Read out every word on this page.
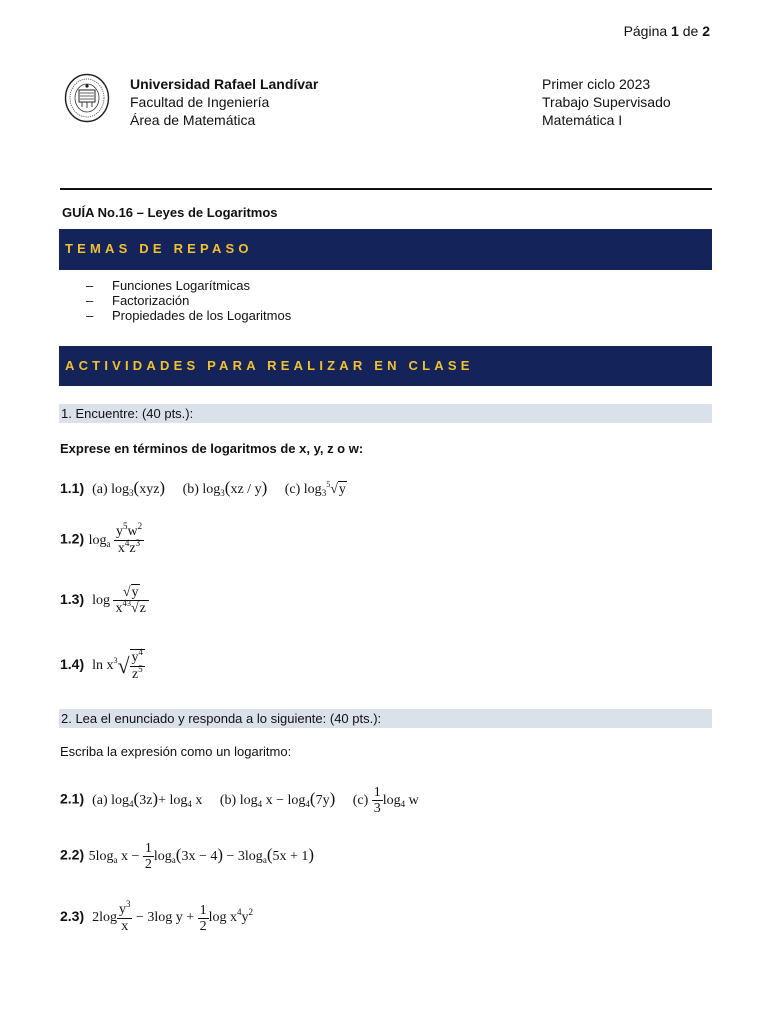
Página 1 de 2
Universidad Rafael Landívar
Facultad de Ingeniería
Área de Matemática
Primer ciclo 2023
Trabajo Supervisado
Matemática I
GUÍA No.16 – Leyes de Logaritmos
TEMAS DE REPASO
– Funciones Logarítmicas
– Factorización
– Propiedades de los Logaritmos
ACTIVIDADES PARA REALIZAR EN CLASE
1. Encuentre: (40 pts.):
Exprese en términos de logaritmos de x, y, z o w:
1.1)  (a) $\log_3(xyz)$     (b) $\log_3(xz / y)$     (c) $\log_3^5√y$
1.2) $\log_a \frac{y^5w^2}{x^4z^3}$
1.3)  $\log \frac{√y}{x^{43}√z}$
1.4)  $\ln x^3√ \frac{y^4}{z^5}$
2. Lea el enunciado y responda a lo siguiente: (40 pts.):
Escriba la expresión como un logaritmo:
2.1)  (a) $\log_4(3z)+ \log_4 x$     (b) $\log_4 x - \log_4(7y)$     $(c) \frac{1}{3} \log_4 w$
2.2) $5\log_a$ $x - \frac{1}{2} \log_a(3x - 4) - 3\log_a(5x + 1)$
2.3)  $2\log \frac{y^3}{x} - 3\log$ $y + \frac{1}{2}$ $\log x^4y^2$
